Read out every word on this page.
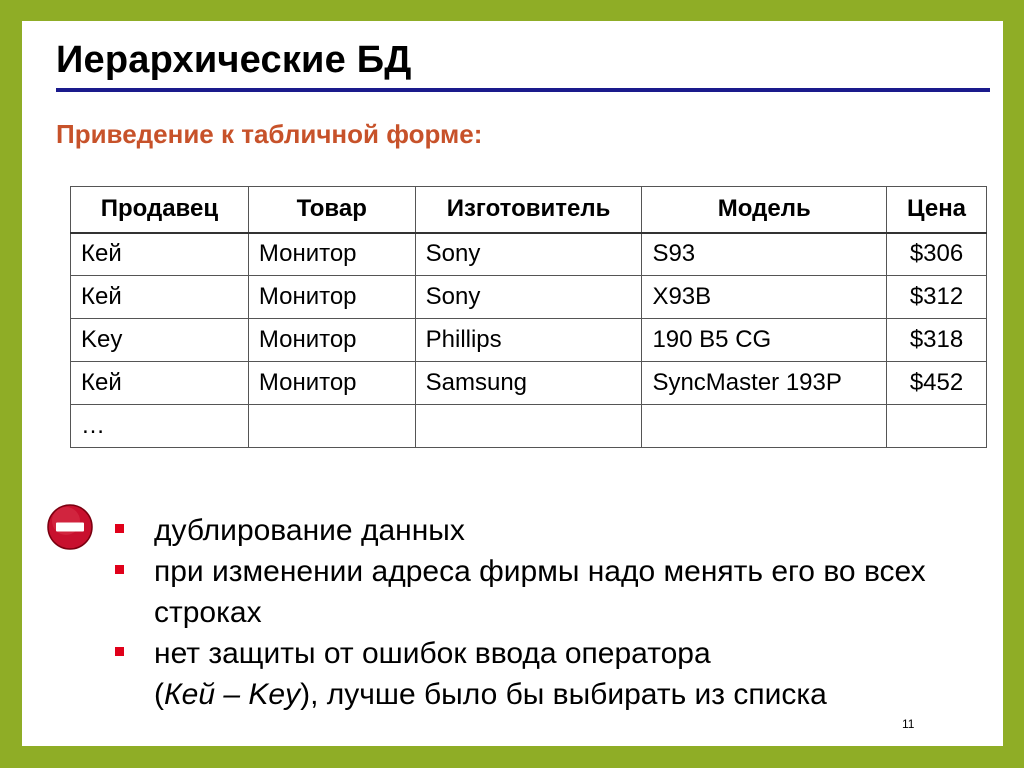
Иерархические БД
Приведение к табличной форме:
Продавец	Товар	Изготовитель	Модель	Цена
Кей	Монитор	Sony	S93	$306
Кей	Монитор	Sony	X93B	$312
Key	Монитор	Phillips	190 B5 CG	$318
Кей	Монитор	Samsung	SyncMaster 193P	$452
…				
дублирование данных
при изменении адреса фирмы надо менять его во всех строках
нет защиты от ошибок ввода оператора
(Кей – Key), лучше было бы выбирать из списка
11
